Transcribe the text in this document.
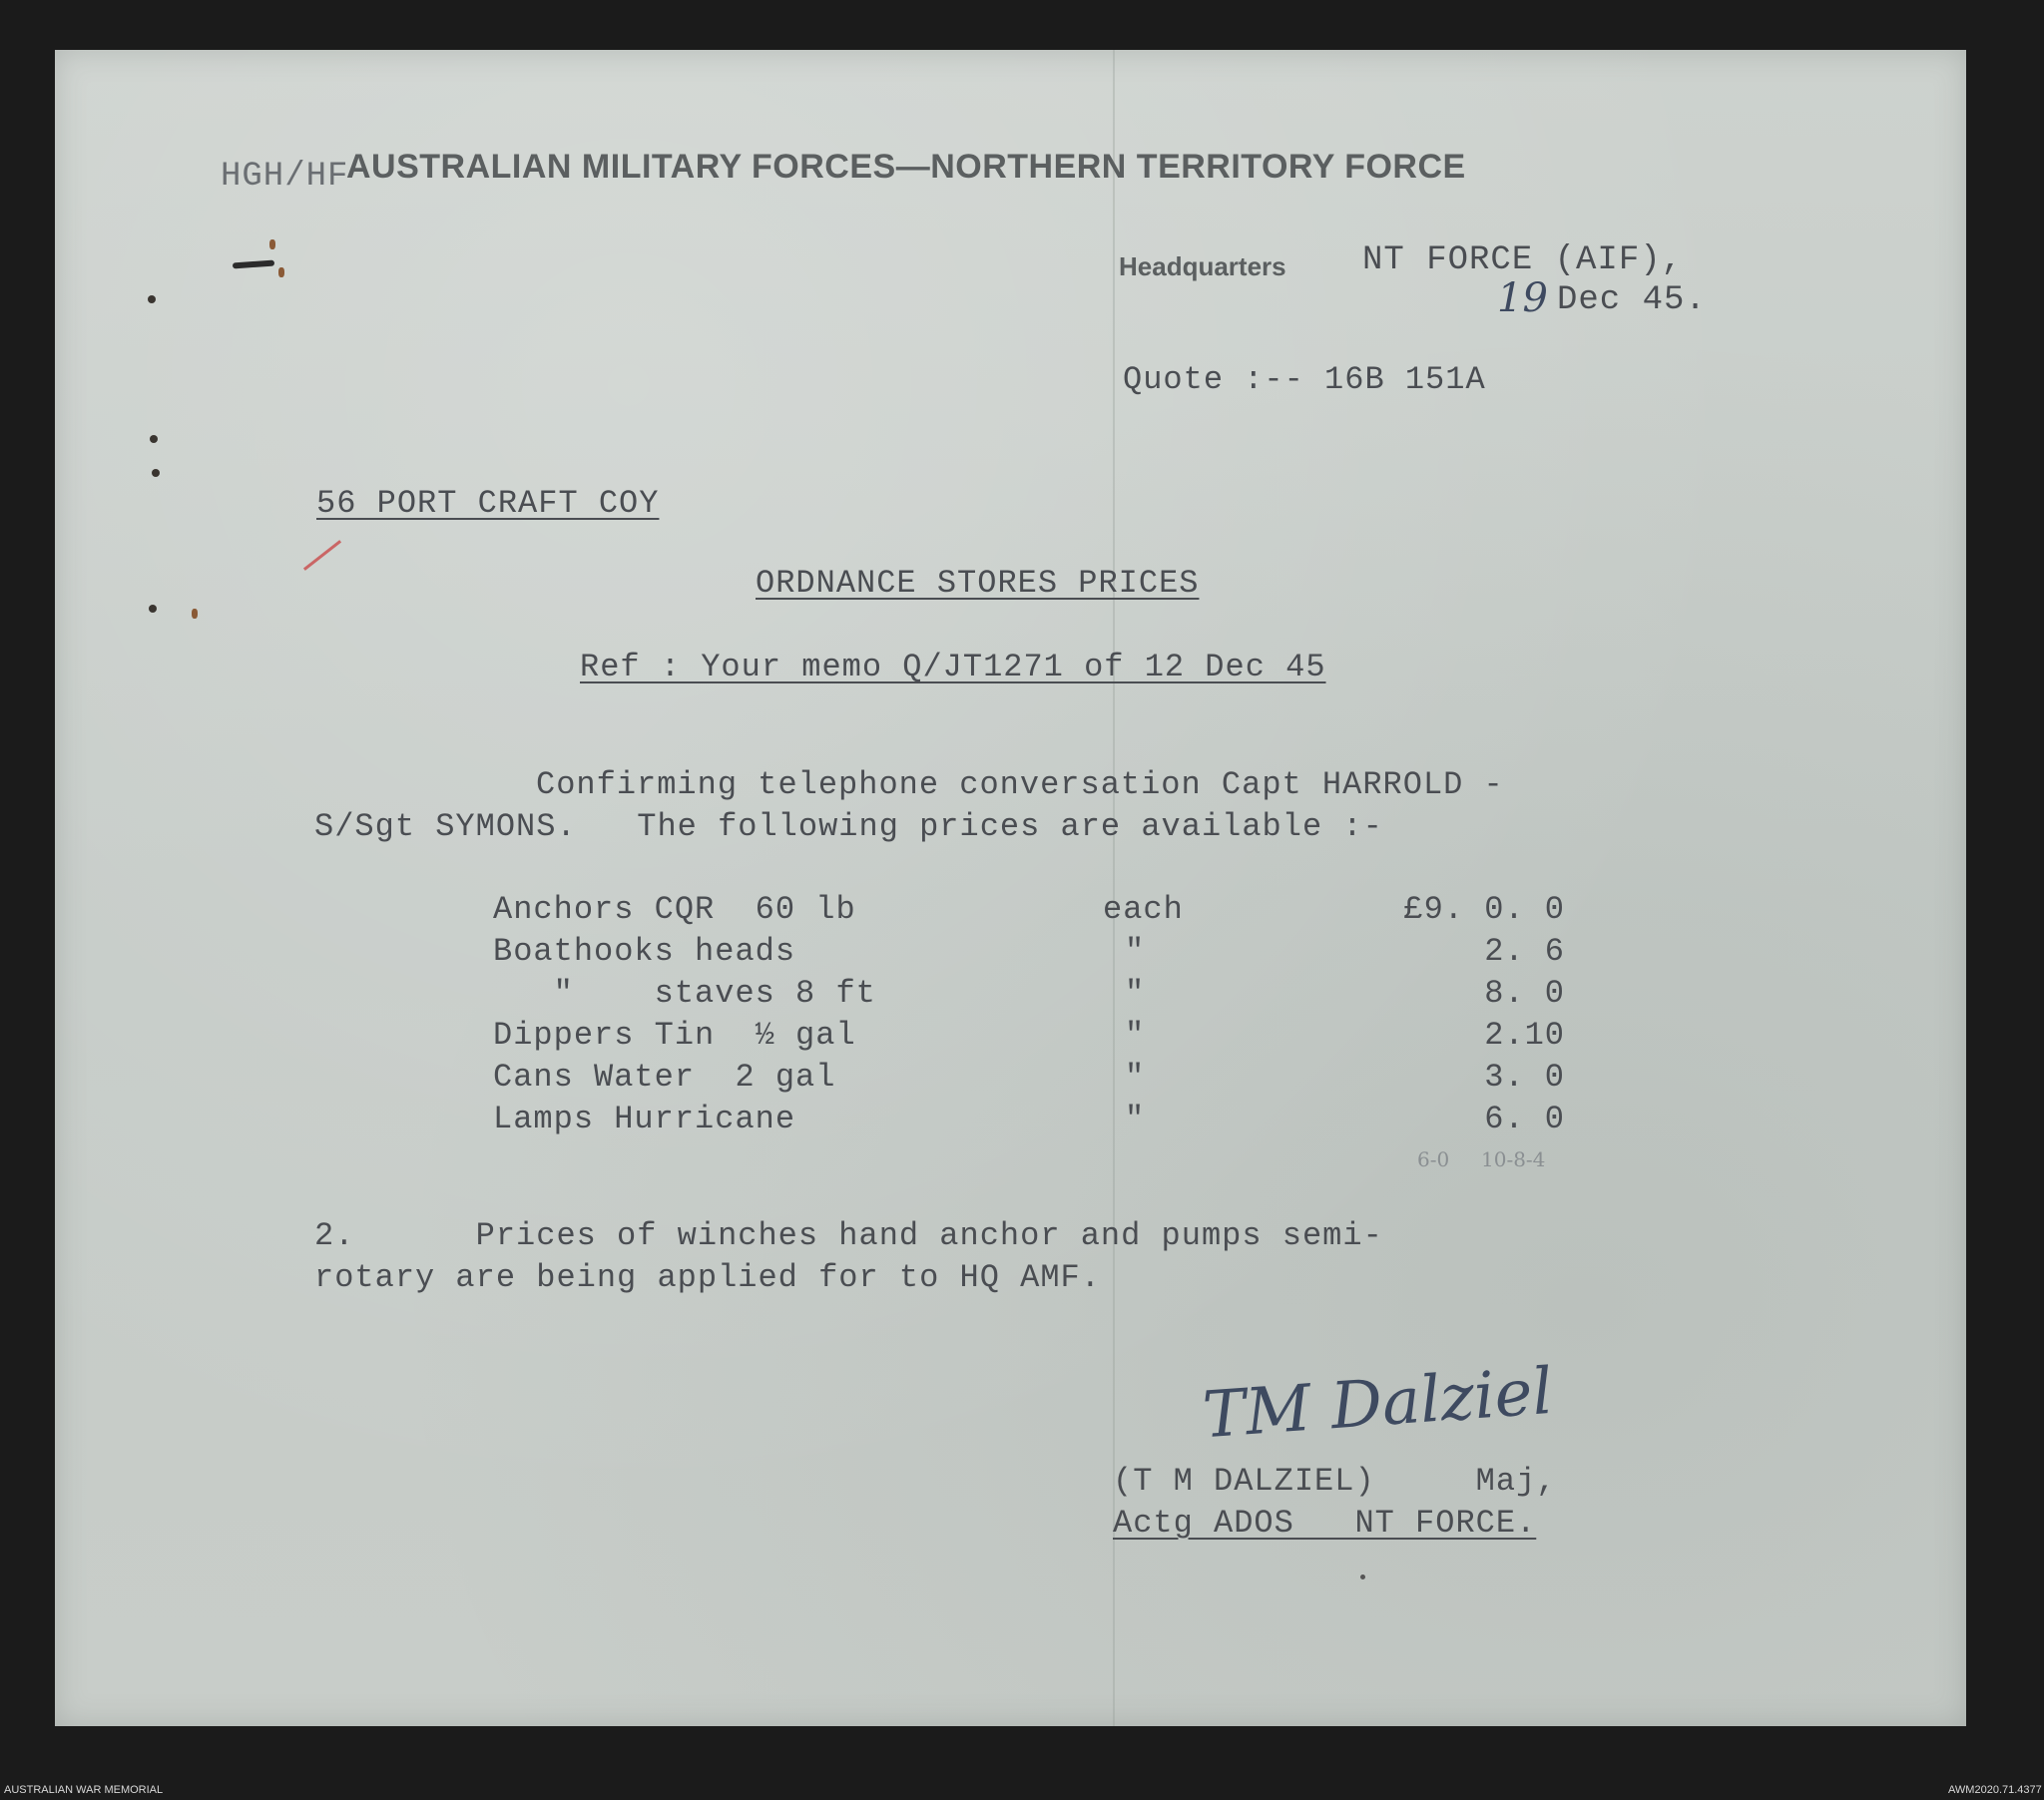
HGH/HF
AUSTRALIAN MILITARY FORCES—NORTHERN TERRITORY FORCE
Headquarters NT FORCE (AIF),
19 Dec 45.
Quote :-- 16B 151A
56 PORT CRAFT COY
ORDNANCE STORES PRICES
Ref : Your memo Q/JT1271 of 12 Dec 45
Confirming telephone conversation Capt HARROLD -
S/Sgt SYMONS.   The following prices are available :-
Anchors CQR  60 lb	each	£9. 0. 0
Boathooks heads	"	2. 6
"    staves 8 ft	"	8. 0
Dippers Tin  ½ gal	"	2.10
Cans Water  2 gal	"	3. 0
Lamps Hurricane	"	6. 0
6-0     10-8-4
2.      Prices of winches hand anchor and pumps semi-
rotary are being applied for to HQ AMF.
TM Dalziel
(T M DALZIEL)     Maj,
Actg ADOS   NT FORCE.
AUSTRALIAN WAR MEMORIAL	AWM2020.71.4377
